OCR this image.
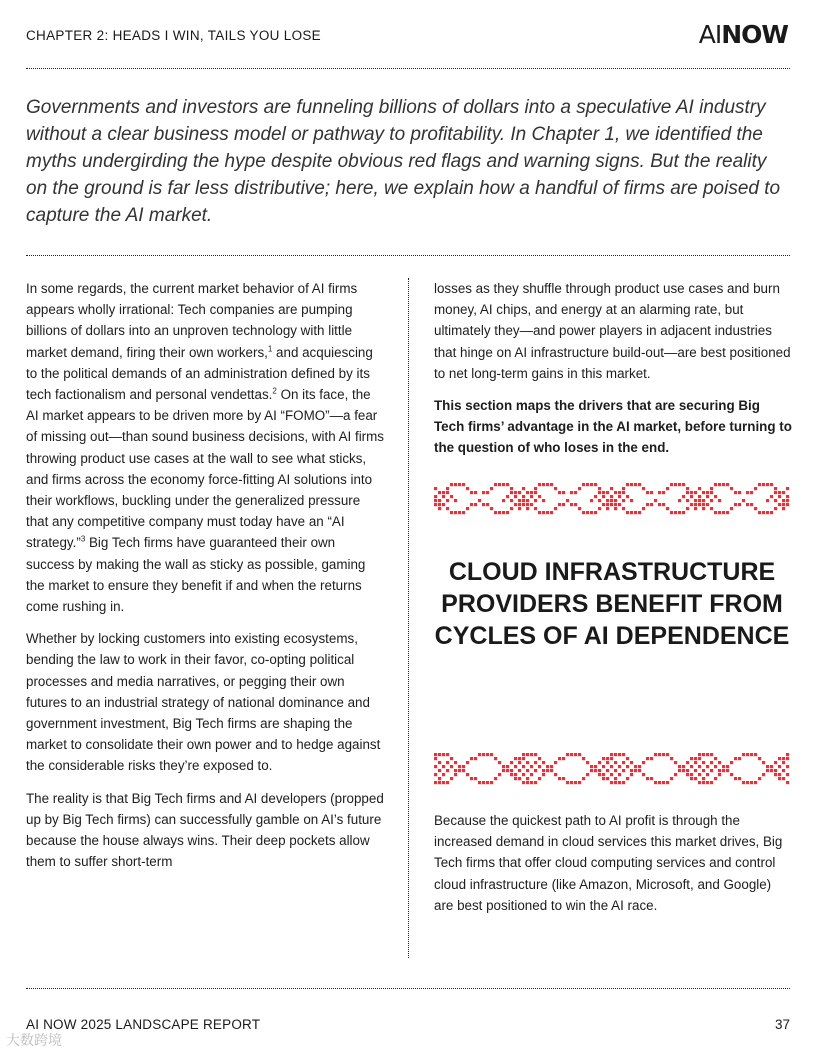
CHAPTER 2: HEADS I WIN, TAILS YOU LOSE	AINOW

Governments and investors are funneling billions of dollars into a speculative AI industry without a clear business model or pathway to profitability. In Chapter 1, we identified the myths undergirding the hype despite obvious red flags and warning signs. But the reality on the ground is far less distributive; here, we explain how a handful of firms are poised to capture the AI market.

In some regards, the current market behavior of AI firms appears wholly irrational: Tech companies are pumping billions of dollars into an unproven technology with little market demand, firing their own workers,$^1$ and acquiescing to the political demands of an administration defined by its tech factionalism and personal vendettas.$^2$ On its face, the AI market appears to be driven more by AI “FOMO”—a fear of missing out—than sound business decisions, with AI firms throwing product use cases at the wall to see what sticks, and firms across the economy force-fitting AI solutions into their workflows, buckling under the generalized pressure that any competitive company must today have an “AI strategy.”$^3$ Big Tech firms have guaranteed their own success by making the wall as sticky as possible, gaming the market to ensure they benefit if and when the returns come rushing in.

Whether by locking customers into existing ecosystems, bending the law to work in their favor, co-opting political processes and media narratives, or pegging their own futures to an industrial strategy of national dominance and government investment, Big Tech firms are shaping the market to consolidate their own power and to hedge against the considerable risks they’re exposed to.

The reality is that Big Tech firms and AI developers (propped up by Big Tech firms) can successfully gamble on AI’s future because the house always wins. Their deep pockets allow them to suffer short-term

losses as they shuffle through product use cases and burn money, AI chips, and energy at an alarming rate, but ultimately they—and power players in adjacent industries that hinge on AI infrastructure build-out—are best positioned to net long-term gains in this market.

This section maps the drivers that are securing Big Tech firms’ advantage in the AI market, before turning to the question of who loses in the end.

CLOUD INFRASTRUCTURE PROVIDERS BENEFIT FROM CYCLES OF AI DEPENDENCE

Because the quickest path to AI profit is through the increased demand in cloud services this market drives, Big Tech firms that offer cloud computing services and control cloud infrastructure (like Amazon, Microsoft, and Google) are best positioned to win the AI race.

AI NOW 2025 LANDSCAPE REPORT	37
大数跨境
